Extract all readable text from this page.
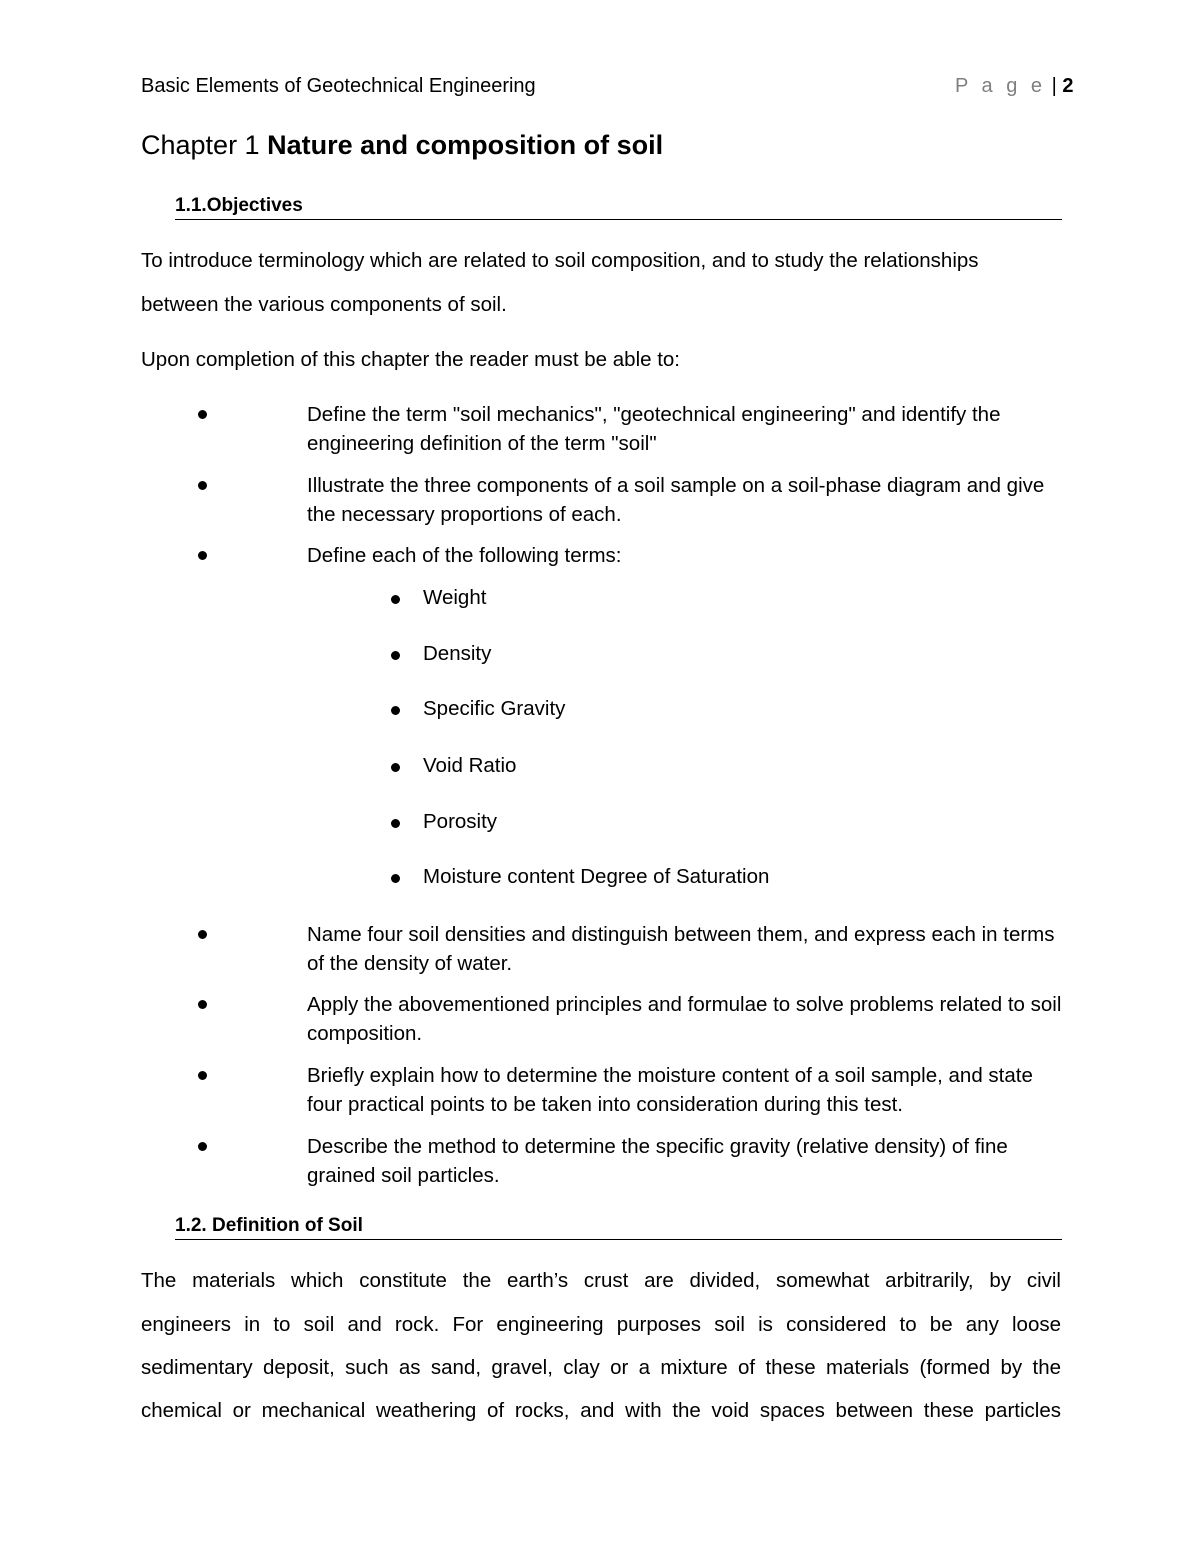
Basic Elements of Geotechnical Engineering	P a g e | 2
Chapter 1 Nature and composition of soil
1.1.Objectives
To introduce terminology which are related to soil composition, and to study the relationships
between the various components of soil.
Upon completion of this chapter the reader must be able to:
Define the term "soil mechanics", "geotechnical engineering" and identify the engineering definition of the term "soil"
Illustrate the three components of a soil sample on a soil-phase diagram and give the necessary proportions of each.
Define each of the following terms:
Weight
Density
Specific Gravity
Void Ratio
Porosity
Moisture content Degree of Saturation
Name four soil densities and distinguish between them, and express each in terms of the density of water.
Apply the abovementioned principles and formulae to solve problems related to soil composition.
Briefly explain how to determine the moisture content of a soil sample, and state four practical points to be taken into consideration during this test.
Describe the method to determine the specific gravity (relative density) of fine grained soil particles.
1.2. Definition of Soil
The materials which constitute the earth’s crust are divided, somewhat arbitrarily, by civil
engineers in to soil and rock. For engineering purposes soil is considered to be any loose
sedimentary deposit, such as sand, gravel, clay or a mixture of these materials (formed by the
chemical or mechanical weathering of rocks, and with the void spaces between these particles
